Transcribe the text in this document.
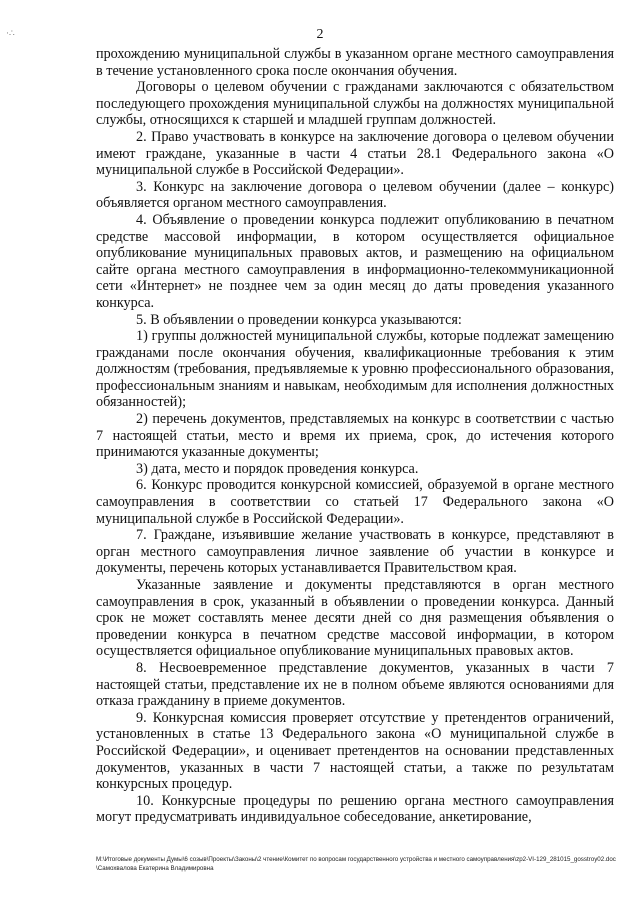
·∴	2

прохождению муниципальной службы в указанном органе местного самоуправления в течение установленного срока после окончания обучения.

Договоры о целевом обучении с гражданами заключаются с обязательством последующего прохождения муниципальной службы на должностях муниципальной службы, относящихся к старшей и младшей группам должностей.

2. Право участвовать в конкурсе на заключение договора о целевом обучении имеют граждане, указанные в части 4 статьи 28.1 Федерального закона «О муниципальной службе в Российской Федерации».

3. Конкурс на заключение договора о целевом обучении (далее – конкурс) объявляется органом местного самоуправления.

4. Объявление о проведении конкурса подлежит опубликованию в печатном средстве массовой информации, в котором осуществляется официальное опубликование муниципальных правовых актов, и размещению на официальном сайте органа местного самоуправления в информационно-телекоммуникационной сети «Интернет» не позднее чем за один месяц до даты проведения указанного конкурса.

5. В объявлении о проведении конкурса указываются:

1) группы должностей муниципальной службы, которые подлежат замещению гражданами после окончания обучения, квалификационные требования к этим должностям (требования, предъявляемые к уровню профессионального образования, профессиональным знаниям и навыкам, необходимым для исполнения должностных обязанностей);

2) перечень документов, представляемых на конкурс в соответствии с частью 7 настоящей статьи, место и время их приема, срок, до истечения которого принимаются указанные документы;

3) дата, место и порядок проведения конкурса.

6. Конкурс проводится конкурсной комиссией, образуемой в органе местного самоуправления в соответствии со статьей 17 Федерального закона «О муниципальной службе в Российской Федерации».

7. Граждане, изъявившие желание участвовать в конкурсе, представляют в орган местного самоуправления личное заявление об участии в конкурсе и документы, перечень которых устанавливается Правительством края.

Указанные заявление и документы представляются в орган местного самоуправления в срок, указанный в объявлении о проведении конкурса. Данный срок не может составлять менее десяти дней со дня размещения объявления о проведении конкурса в печатном средстве массовой информации, в котором осуществляется официальное опубликование муниципальных правовых актов.

8. Несвоевременное представление документов, указанных в части 7 настоящей статьи, представление их не в полном объеме являются основаниями для отказа гражданину в приеме документов.

9. Конкурсная комиссия проверяет отсутствие у претендентов ограничений, установленных в статье 13 Федерального закона «О муниципальной службе в Российской Федерации», и оценивает претендентов на основании представленных документов, указанных в части 7 настоящей статьи, а также по результатам конкурсных процедур.

10. Конкурсные процедуры по решению органа местного самоуправления могут предусматривать индивидуальное собеседование, анкетирование,

М:\Итоговые документы Думы\6 созыв\Проекты\Законы\2 чтение\Комитет по вопросам государственного устройства и местного самоуправления\zp2-VI-129_281015_gosstroy02.doc\Самохвалова Екатерина Владимировна
